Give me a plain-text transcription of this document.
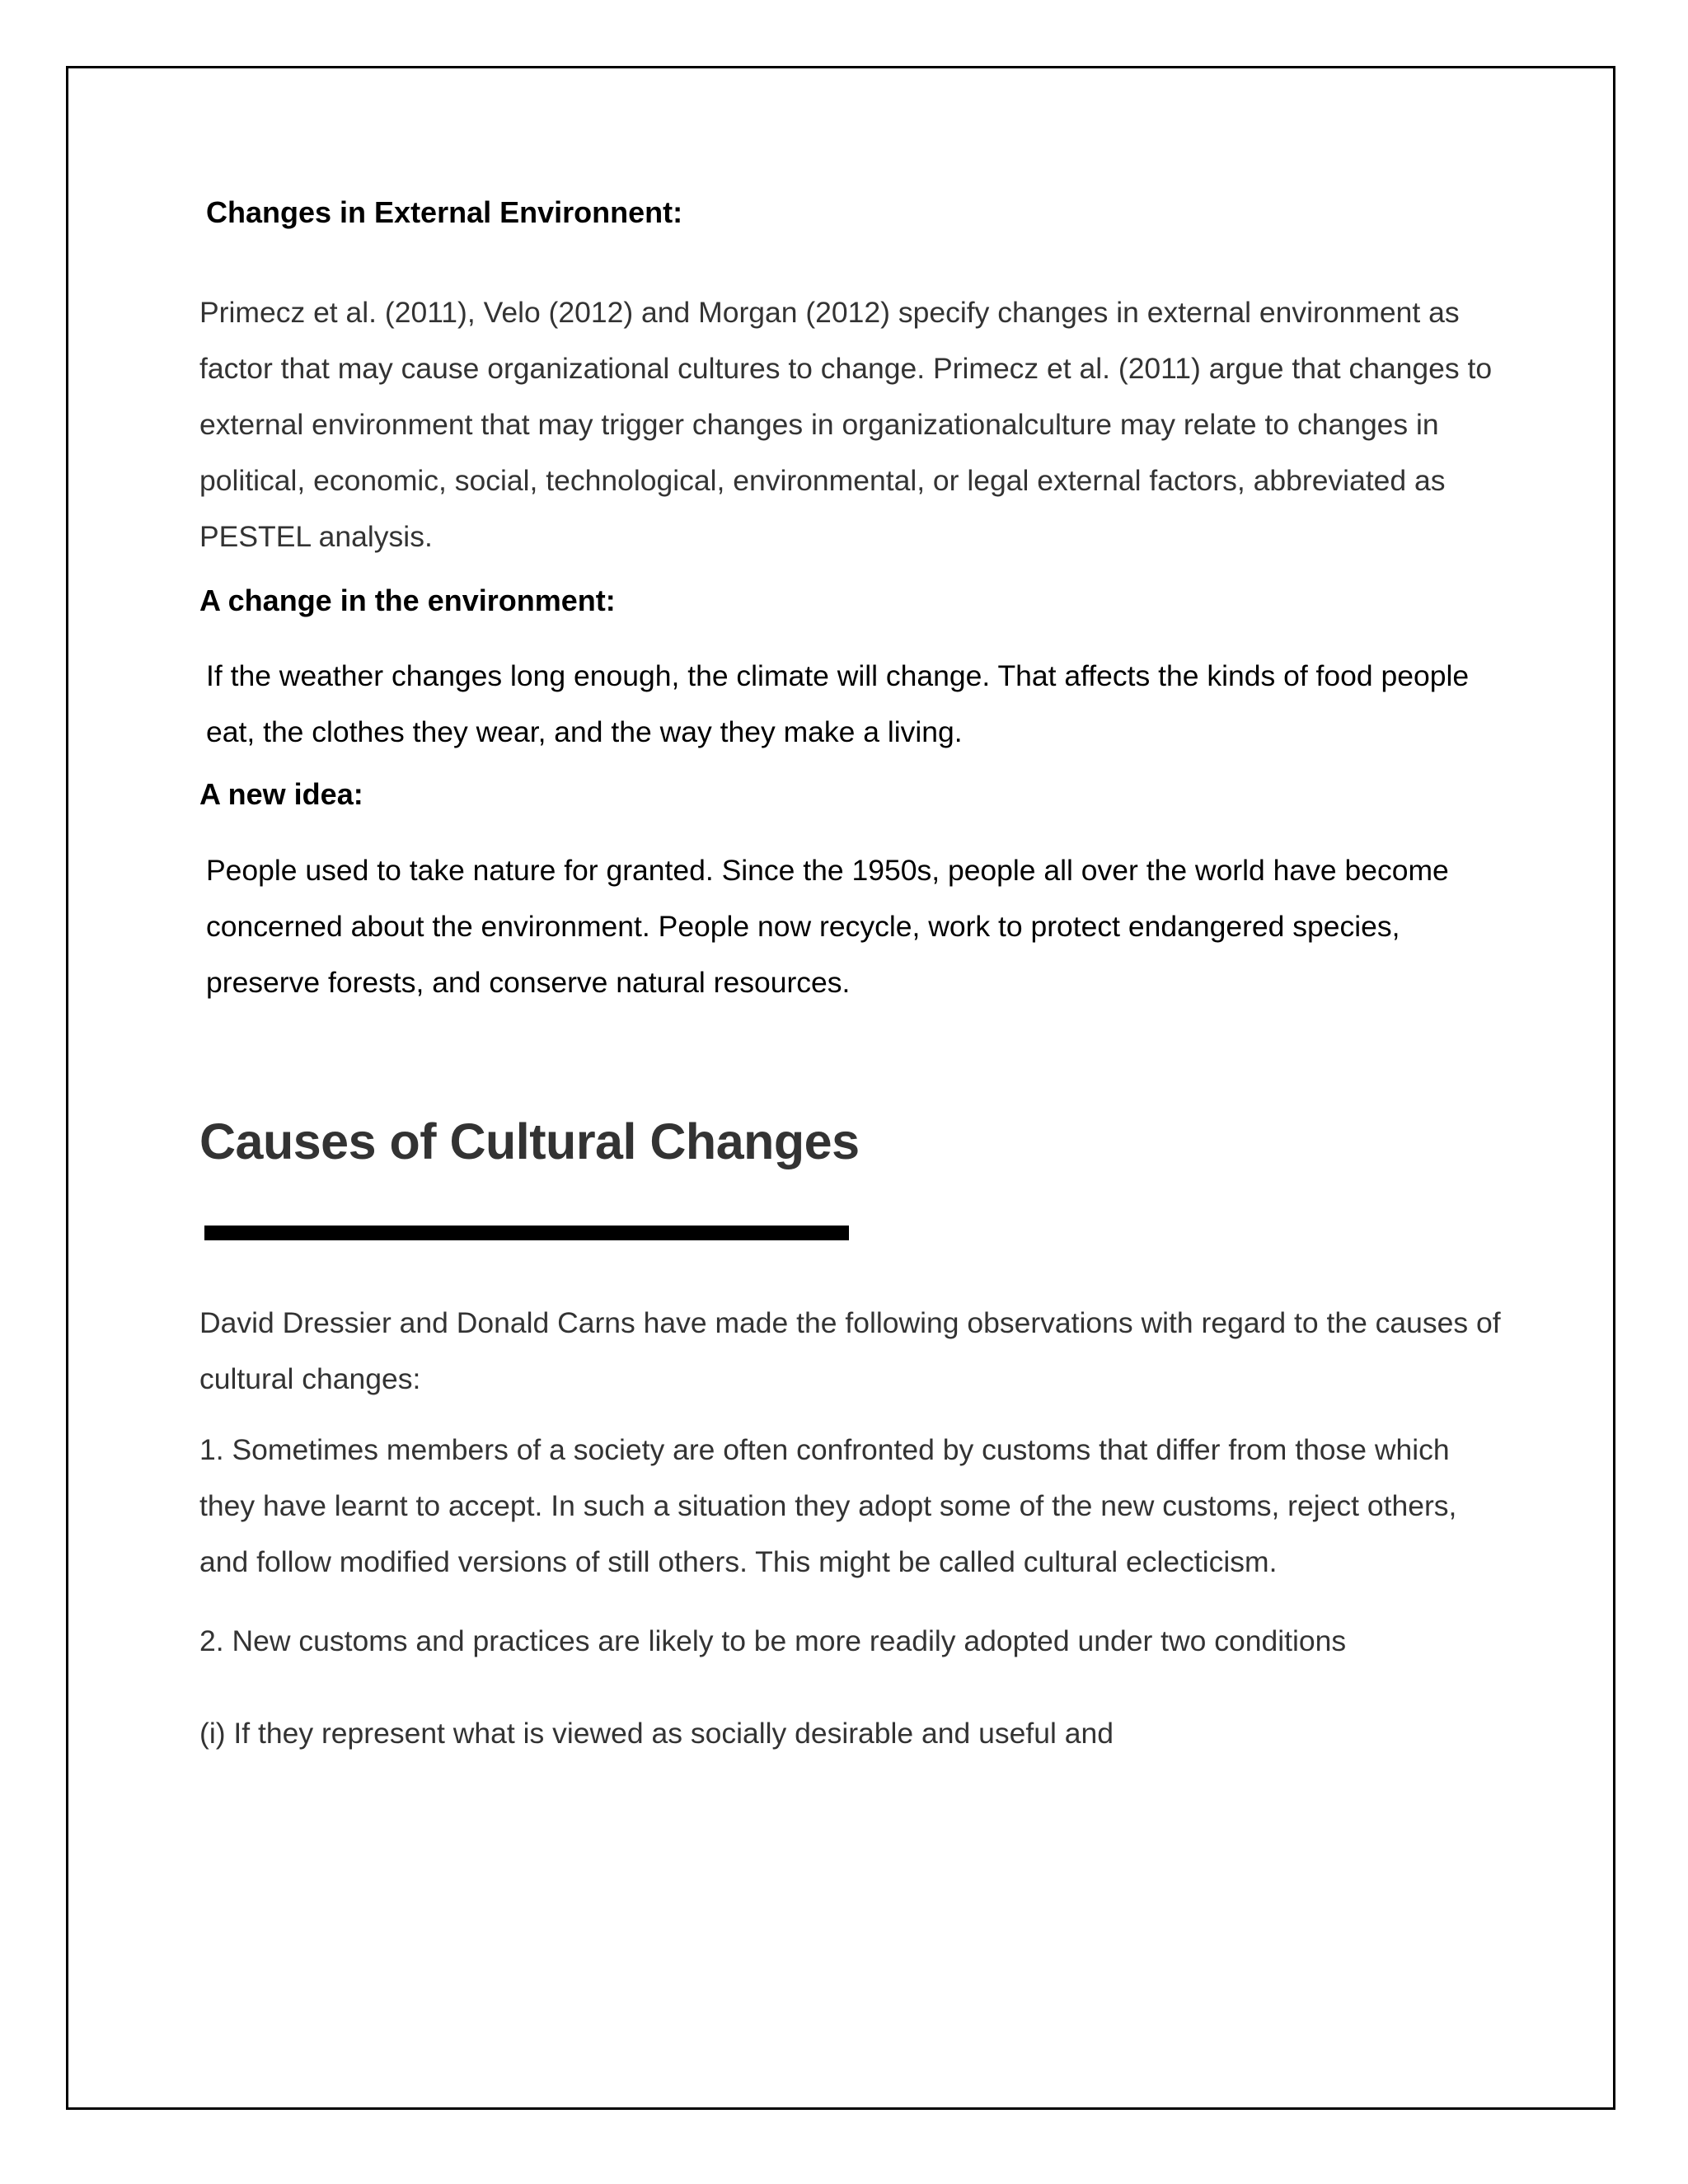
Changes in External Environnent:

Primecz et al. (2011), Velo (2012) and Morgan (2012) specify changes in external environment as factor that may cause organizational cultures to change. Primecz et al. (2011) argue that changes to external environment that may trigger changes in organizationalculture may relate to changes in political, economic, social, technological, environmental, or legal external factors, abbreviated as PESTEL analysis.

A change in the environment:

If the weather changes long enough, the climate will change. That affects the kinds of food people eat, the clothes they wear, and the way they make a living.

A new idea:

People used to take nature for granted. Since the 1950s, people all over the world have become concerned about the environment. People now recycle, work to protect endangered species, preserve forests, and conserve natural resources.

Causes of Cultural Changes

David Dressier and Donald Carns have made the following observations with regard to the causes of cultural changes:

1. Sometimes members of a society are often confronted by customs that differ from those which they have learnt to accept. In such a situation they adopt some of the new customs, reject others, and follow modified versions of still others. This might be called cultural eclecticism.

2. New customs and practices are likely to be more readily adopted under two conditions

(i) If they represent what is viewed as socially desirable and useful and
